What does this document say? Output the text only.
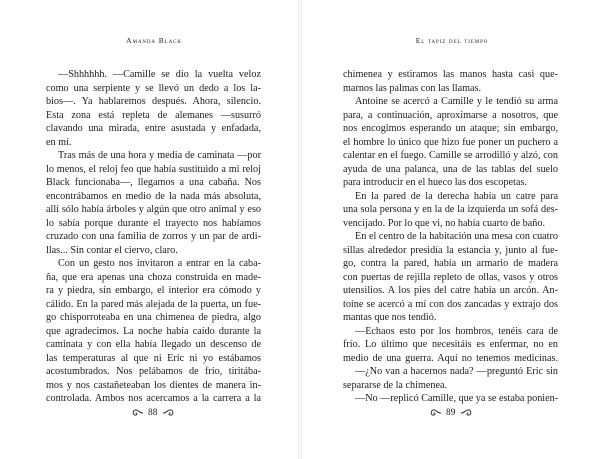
Amanda Black
—Shhhhhh. —Camille se dio la vuelta veloz
como una serpiente y se llevó un dedo a los la-
bios—. Ya hablaremos después. Ahora, silencio.
Esta zona está repleta de alemanes —susurró
clavando una mirada, entre asustada y enfadada,
en mí.
Tras más de una hora y media de caminata —por
lo menos, el reloj feo que había sustituido a mi reloj
Black funcionaba—, llegamos a una cabaña. Nos
encontrábamos en medio de la nada más absoluta,
allí sólo había árboles y algún que otro animal y eso
lo sabía porque durante el trayecto nos habíamos
cruzado con una familia de zorros y un par de ardi-
llas... Sin contar el ciervo, claro.
Con un gesto nos invitaron a entrar en la caba-
ña, que era apenas una choza construida en made-
ra y piedra, sin embargo, el interior era cómodo y
cálido. En la pared más alejada de la puerta, un fue-
go chisporroteaba en una chimenea de piedra, algo
que agradecimos. La noche había caído durante la
caminata y con ella había llegado un descenso de
las temperaturas al que ni Eric ni yo estábamos
acostumbrados. Nos pelábamos de frío, tiritába-
mos y nos castañeteaban los dientes de manera in-
controlada. Ambos nos acercamos a la carrera a la
88
El tapiz del tiempo
chimenea y estiramos las manos hasta casi que-
marnos las palmas con las llamas.
Antoine se acercó a Camille y le tendió su arma
para, a continuación, aproximarse a nosotros, que
nos encogimos esperando un ataque; sin embargo,
el hombre lo único que hizo fue poner un puchero a
calentar en el fuego. Camille se arrodilló y alzó, con
ayuda de una palanca, una de las tablas del suelo
para introducir en el hueco las dos escopetas.
En la pared de la derecha había un catre para
una sola persona y en la de la izquierda un sofá des-
vencijado. Por lo que vi, no había cuarto de baño.
En el centro de la habitación una mesa con cuatro
sillas alrededor presidía la estancia y, junto al fue-
go, contra la pared, había un armario de madera
con puertas de rejilla repleto de ollas, vasos y otros
utensilios. A los pies del catre había un arcón. An-
toine se acercó a mí con dos zancadas y extrajo dos
mantas que nos tendió.
—Echaos esto por los hombros, tenéis cara de
frío. Lo último que necesitáis es enfermar, no en
medio de una guerra. Aquí no tenemos medicinas.
—¿No van a hacernos nada? —preguntó Eric sin
separarse de la chimenea.
—No —replicó Camille, que ya se estaba ponien-
89
